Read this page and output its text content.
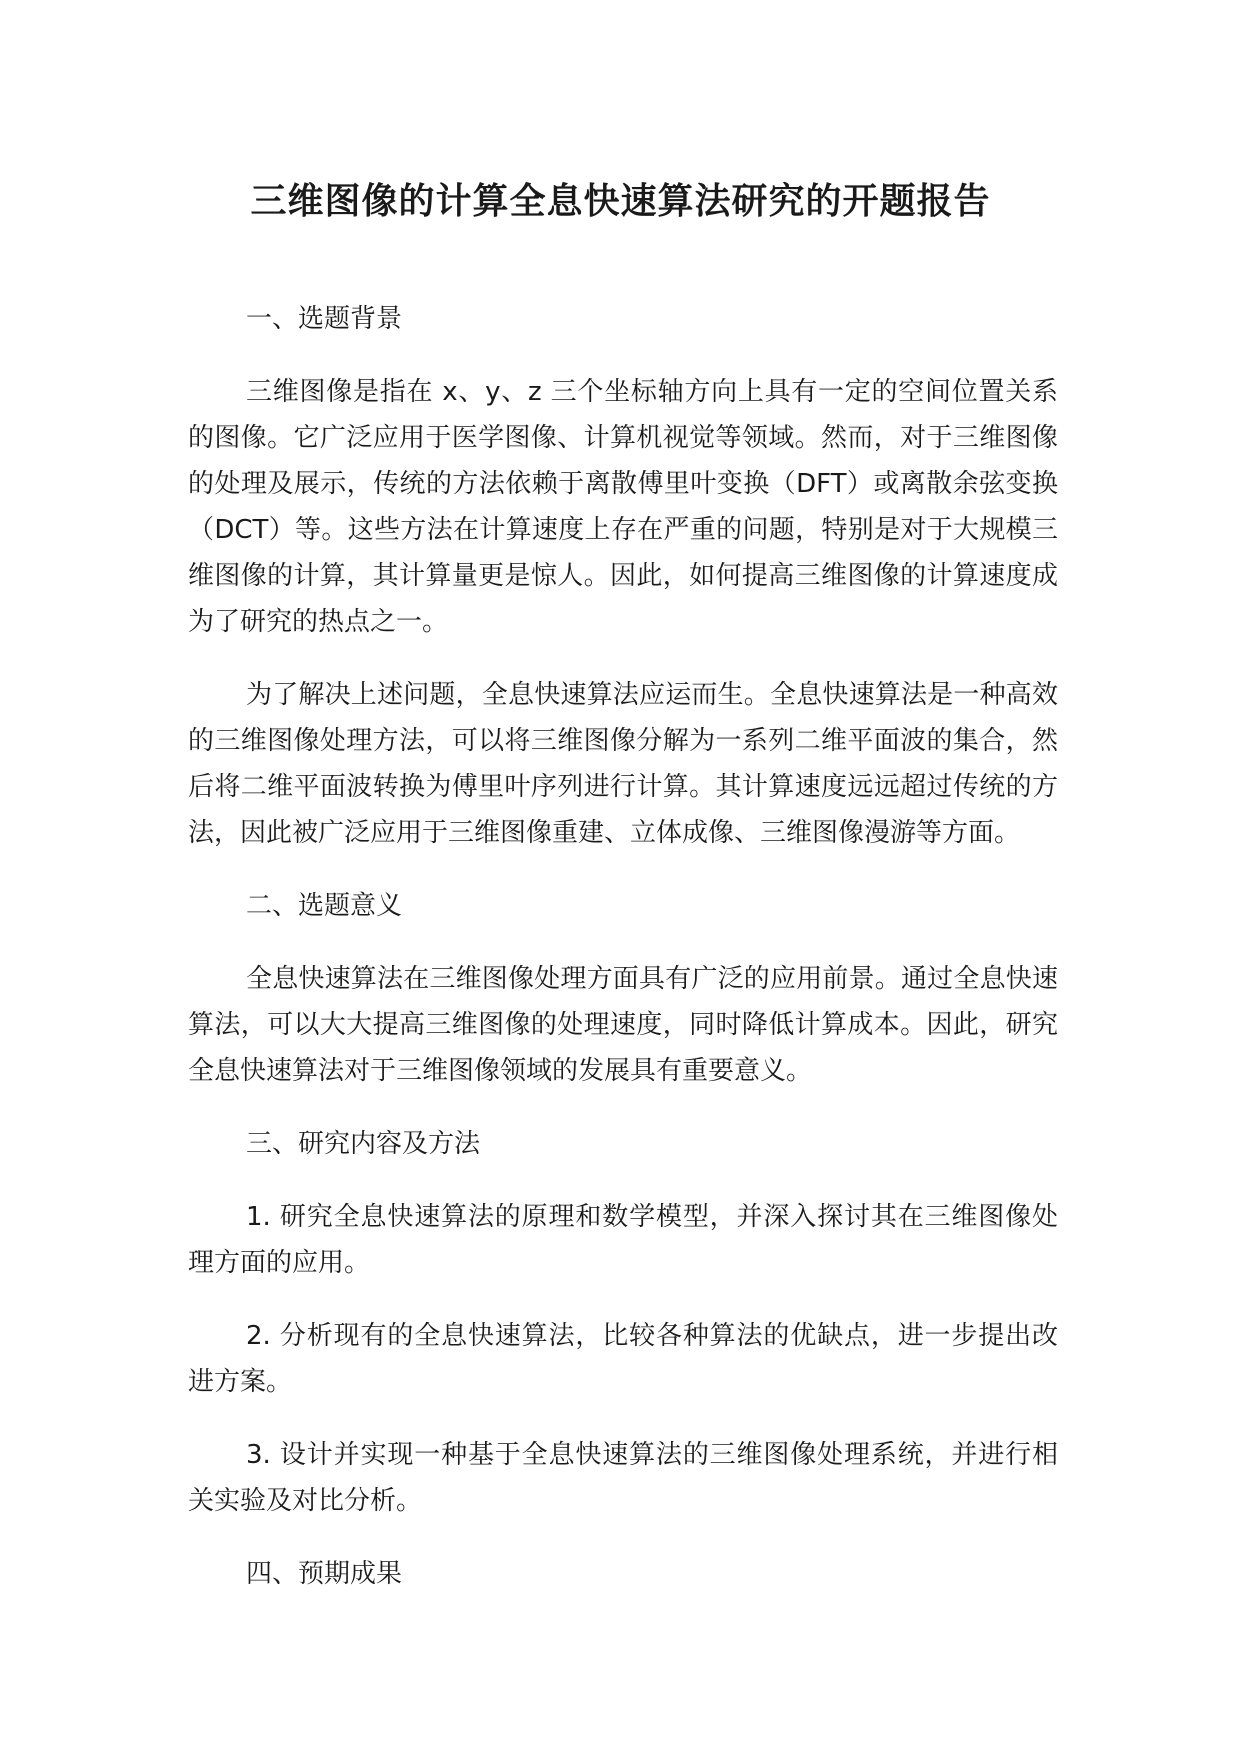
三维图像的计算全息快速算法研究的开题报告

一、选题背景

三维图像是指在 x、y、z 三个坐标轴方向上具有一定的空间位置关系的图像。它广泛应用于医学图像、计算机视觉等领域。然而，对于三维图像的处理及展示，传统的方法依赖于离散傅里叶变换（DFT）或离散余弦变换（DCT）等。这些方法在计算速度上存在严重的问题，特别是对于大规模三维图像的计算，其计算量更是惊人。因此，如何提高三维图像的计算速度成为了研究的热点之一。

为了解决上述问题，全息快速算法应运而生。全息快速算法是一种高效的三维图像处理方法，可以将三维图像分解为一系列二维平面波的集合，然后将二维平面波转换为傅里叶序列进行计算。其计算速度远远超过传统的方法，因此被广泛应用于三维图像重建、立体成像、三维图像漫游等方面。

二、选题意义

全息快速算法在三维图像处理方面具有广泛的应用前景。通过全息快速算法，可以大大提高三维图像的处理速度，同时降低计算成本。因此，研究全息快速算法对于三维图像领域的发展具有重要意义。

三、研究内容及方法

1. 研究全息快速算法的原理和数学模型，并深入探讨其在三维图像处理方面的应用。

2. 分析现有的全息快速算法，比较各种算法的优缺点，进一步提出改进方案。

3. 设计并实现一种基于全息快速算法的三维图像处理系统，并进行相关实验及对比分析。

四、预期成果
